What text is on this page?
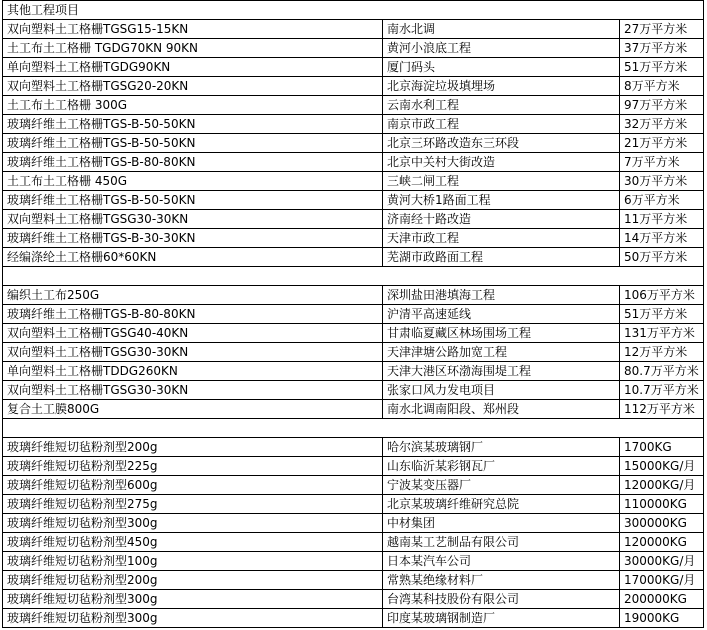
其他工程项目		
双向塑料土工格栅TGSG15-15KN	南水北调	27万平方米
土工布土工格栅 TGDG70KN 90KN	黄河小浪底工程	37万平方米
单向塑料土工格栅TGDG90KN	厦门码头	51万平方米
双向塑料土工格栅TGSG20-20KN	北京海淀垃圾填埋场	8万平方米
土工布土工格栅 300G	云南水利工程	97万平方米
玻璃纤维土工格栅TGS-B-50-50KN	南京市政工程	32万平方米
玻璃纤维土工格栅TGS-B-50-50KN	北京三环路改造东三环段	21万平方米
玻璃纤维土工格栅TGS-B-80-80KN	北京中关村大街改造	7万平方米
土工布土工格栅 450G	三峡二闸工程	30万平方米
玻璃纤维土工格栅TGS-B-50-50KN	黄河大桥1路面工程	6万平方米
双向塑料土工格栅TGSG30-30KN	济南经十路改造	11万平方米
玻璃纤维土工格栅TGS-B-30-30KN	天津市政工程	14万平方米
经编涤纶土工格栅60*60KN	芜湖市政路面工程	50万平方米

编织土工布250G	深圳盐田港填海工程	106万平方米
玻璃纤维土工格栅TGS-B-80-80KN	沪清平高速延线	51万平方米
双向塑料土工格栅TGSG40-40KN	甘肃临夏藏区林场围场工程	131万平方米
双向塑料土工格栅TGSG30-30KN	天津津塘公路加宽工程	12万平方米
单向塑料土工格栅TDDG260KN	天津大港区环渤海围堤工程	80.7万平方米
双向塑料土工格栅TGSG30-30KN	张家口风力发电项目	10.7万平方米
复合土工膜800G	南水北调南阳段、郑州段	112万平方米

玻璃纤维短切毡粉剂型200g	哈尔滨某玻璃钢厂	1700KG
玻璃纤维短切毡粉剂型225g	山东临沂某彩钢瓦厂	15000KG/月
玻璃纤维短切毡粉剂型600g	宁波某变压器厂	12000KG/月
玻璃纤维短切毡粉剂型275g	北京某玻璃纤维研究总院	110000KG
玻璃纤维短切毡粉剂型300g	中材集团	300000KG
玻璃纤维短切毡粉剂型450g	越南某工艺制品有限公司	120000KG
玻璃纤维短切毡粉剂型100g	日本某汽车公司	30000KG/月
玻璃纤维短切毡粉剂型200g	常熟某绝缘材料厂	17000KG/月
玻璃纤维短切毡粉剂型300g	台湾某科技股份有限公司	200000KG
玻璃纤维短切毡粉剂型300g	印度某玻璃钢制造厂	19000KG
